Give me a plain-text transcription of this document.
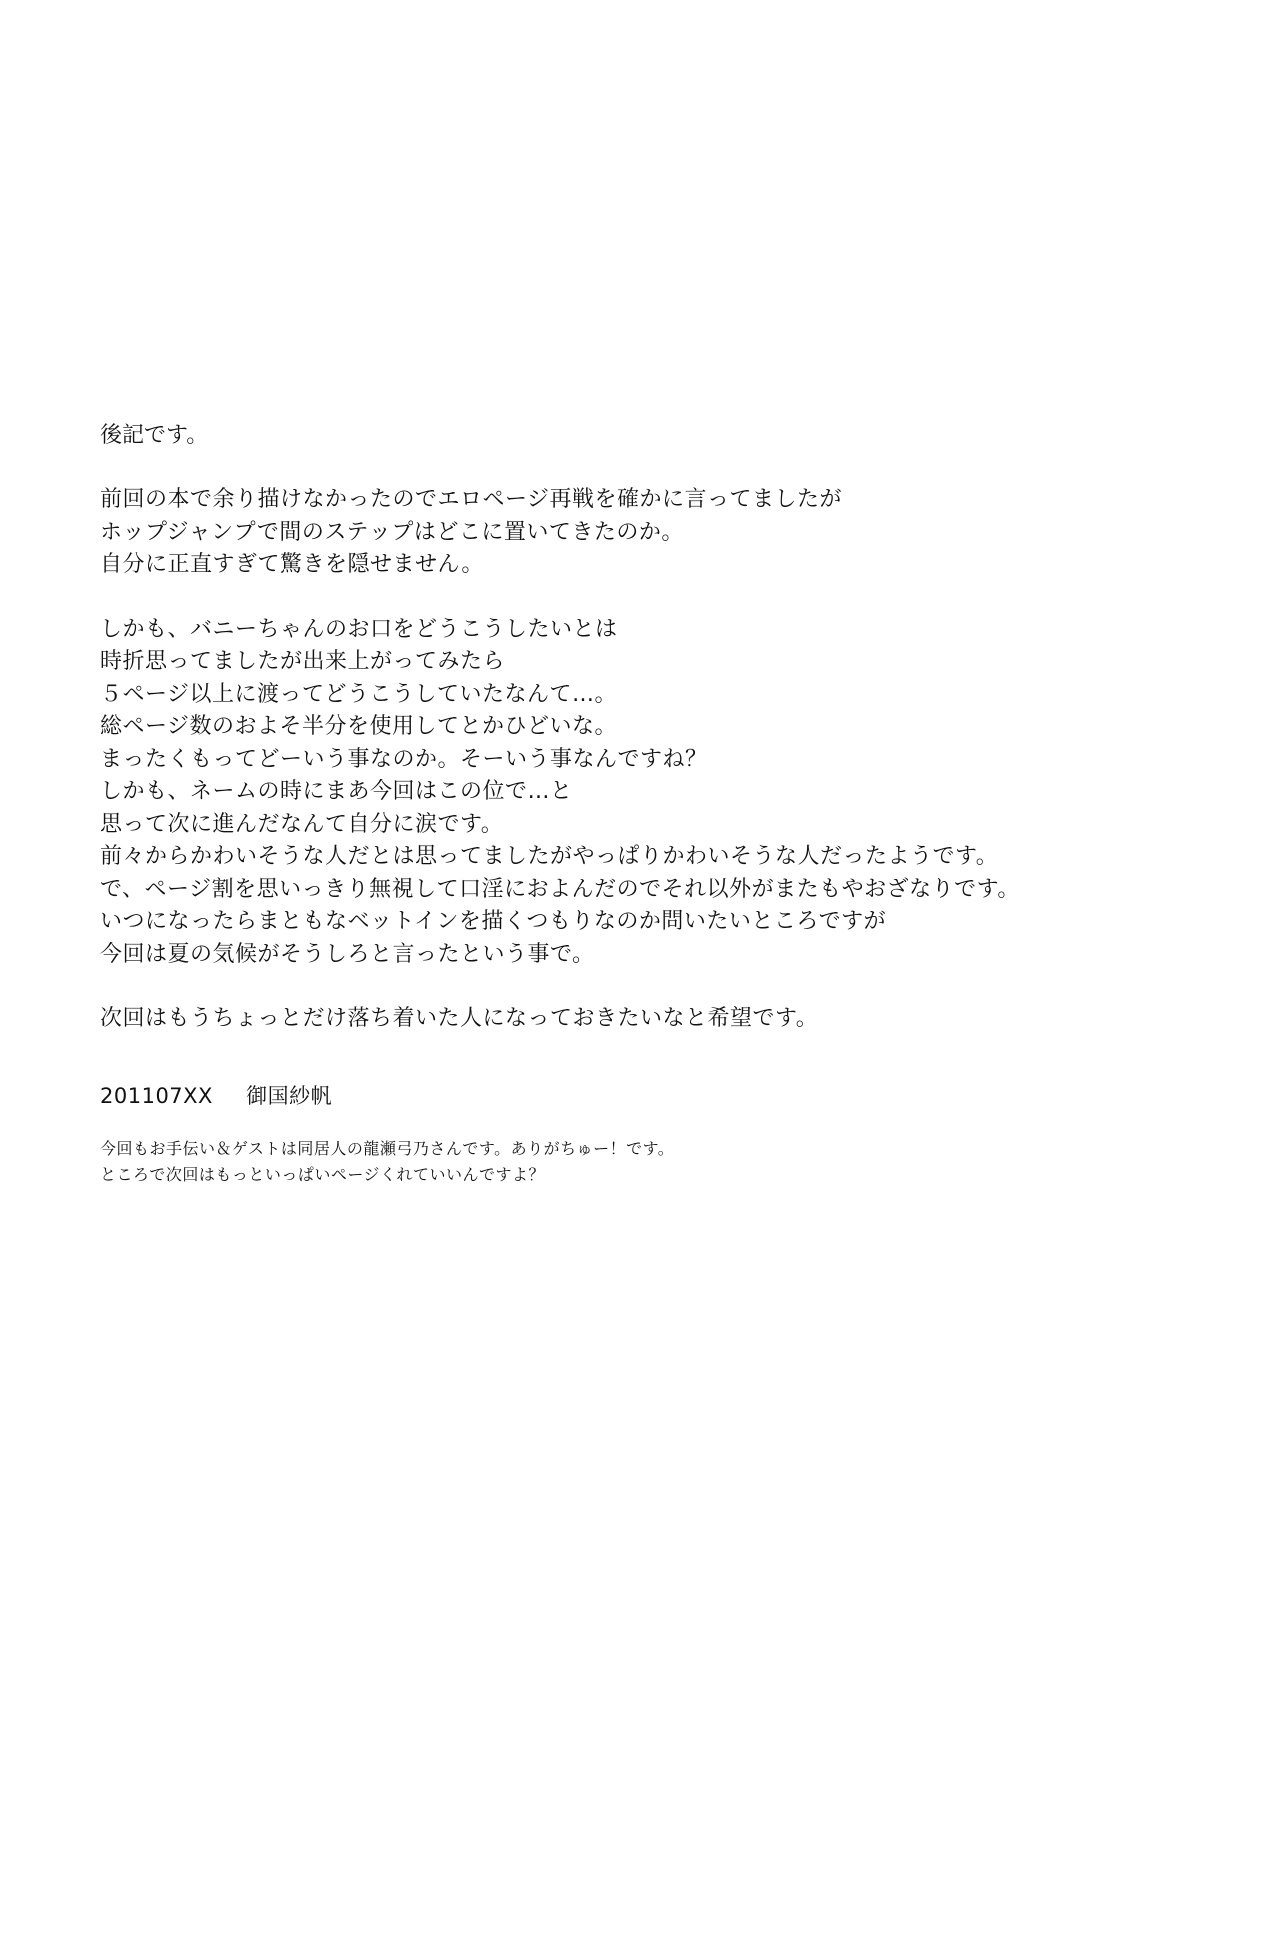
後記です。
前回の本で余り描けなかったのでエロページ再戦を確かに言ってましたが
ホップジャンプで間のステップはどこに置いてきたのか。
自分に正直すぎて驚きを隠せません。
しかも、バニーちゃんのお口をどうこうしたいとは
時折思ってましたが出来上がってみたら
５ページ以上に渡ってどうこうしていたなんて…。
総ページ数のおよそ半分を使用してとかひどいな。
まったくもってどーいう事なのか。そーいう事なんですね？
しかも、ネームの時にまあ今回はこの位で…と
思って次に進んだなんて自分に涙です。
前々からかわいそうな人だとは思ってましたがやっぱりかわいそうな人だったようです。
で、ページ割を思いっきり無視して口淫におよんだのでそれ以外がまたもやおざなりです。
いつになったらまともなベットインを描くつもりなのか問いたいところですが
今回は夏の気候がそうしろと言ったという事で。
次回はもうちょっとだけ落ち着いた人になっておきたいなと希望です。
201107XX 御国紗帆
今回もお手伝い＆ゲストは同居人の龍瀬弓乃さんです。ありがちゅー！です。
ところで次回はもっといっぱいページくれていいんですよ？
